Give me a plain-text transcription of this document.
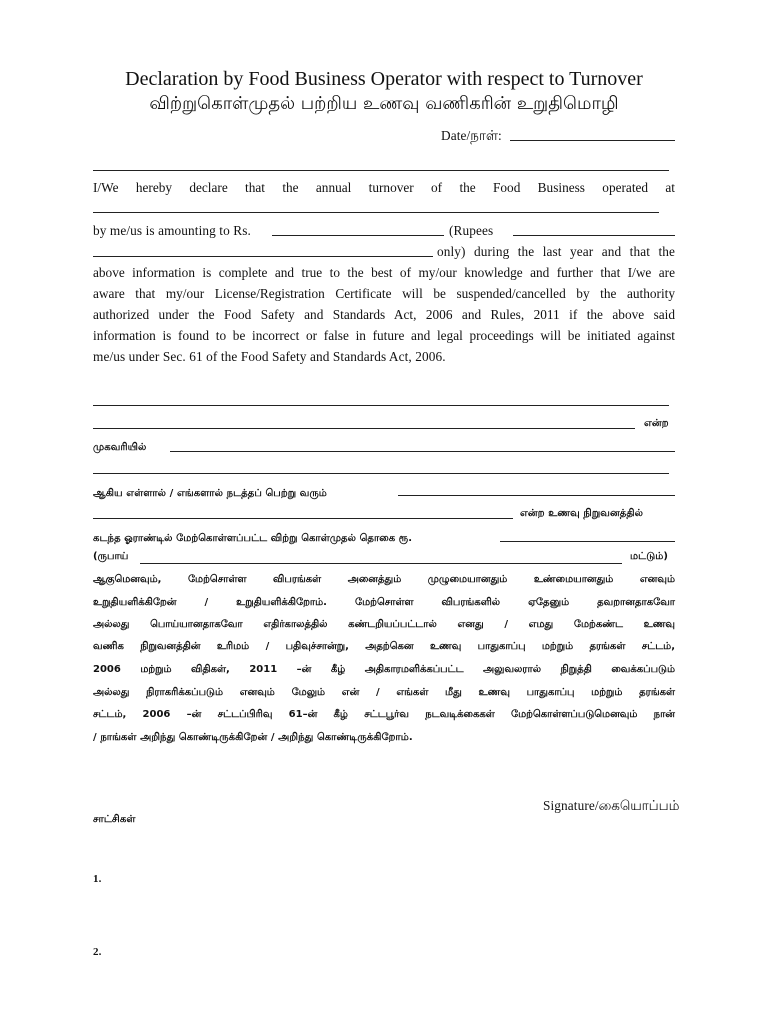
Declaration by Food Business Operator with respect to Turnover
விற்றுகொள்முதல் பற்றிய உணவு வணிகரின் உறுதிமொழி
Date/நாள்:
I/We hereby declare that the annual turnover of the Food Business operated at
by me/us is amounting to Rs.	(Rupees
only) during the last year and that the
above information is complete and true to the best of my/our knowledge and further that I/we are
aware that my/our License/Registration Certificate will be suspended/cancelled by the authority
authorized under the Food Safety and Standards Act, 2006 and Rules, 2011 if the above said
information is found to be incorrect or false in future and legal proceedings will be initiated against
me/us under Sec. 61 of the Food Safety and Standards Act, 2006.
என்ற
முகவரியில்
ஆகிய எள்ளால் / எங்களால் நடத்தப் பெற்று வரும்
என்ற உணவு நிறுவனத்தில்
கடந்த ஓராண்டில் மேற்கொள்ளப்பட்ட விற்று கொள்முதல் தொகை ரூ.
(ருபாய்	மட்டும்)
ஆகுமெனவும், மேற்சொள்ள விபரங்கள் அனைத்தும் முழுமையானதும் உண்மையானதும் எனவும்
உறுதியளிக்கிறேன் / உறுதியளிக்கிறோம். மேற்சொள்ள விபரங்களில் ஏதேனும் தவறானதாகவோ
அல்லது பொய்யானதாகவோ எதிர்காலத்தில் கண்டறியப்பட்டால் எனது / எமது மேற்கண்ட உணவு
வணிக நிறுவனத்தின் உரிமம் / பதிவுச்சான்று, அதற்கென உணவு பாதுகாப்பு மற்றும் தரங்கள் சட்டம்,
2006 மற்றும் விதிகள், 2011 –ன் கீழ் அதிகாரமளிக்கப்பட்ட அலுவலரால் நிறுத்தி வைக்கப்படும்
அல்லது நிராகரிக்கப்படும் எனவும் மேலும் என் / எங்கள் மீது உணவு பாதுகாப்பு மற்றும் தரங்கள்
சட்டம், 2006 –ன் சட்டப்பிரிவு 61–ன் கீழ் சட்டபூர்வ நடவடிக்கைகள் மேற்கொள்ளப்படுமெனவும் நான்
/ நாங்கள் அறிந்து கொண்டிருக்கிறேன் / அறிந்து கொண்டிருக்கிறோம்.
Signature/கையொப்பம்
சாட்சிகள்
1.
2.
